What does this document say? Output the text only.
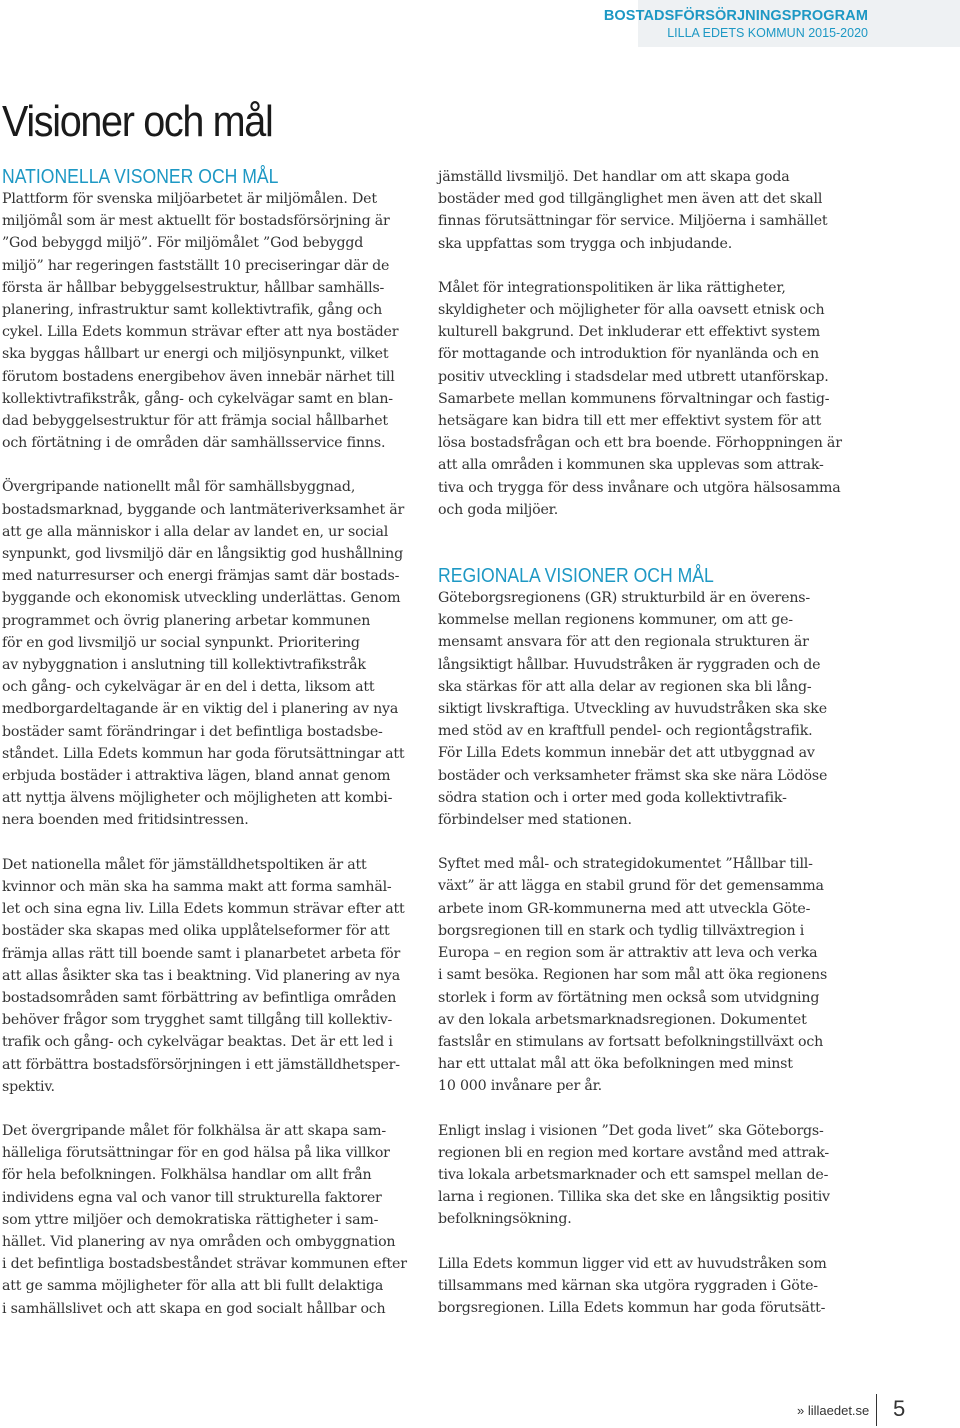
BOSTADSFÖRSÖRJNINGSPROGRAM
LILLA EDETS KOMMUN 2015-2020
Visioner och mål
NATIONELLA VISONER OCH MÅL

Plattform för svenska miljöarbetet är miljömålen. Det
miljömål som är mest aktuellt för bostadsförsörjning är
”God bebyggd miljö”. För miljömålet ”God bebyggd
miljö” har regeringen fastställt 10 preciseringar där de
första är hållbar bebyggelsestruktur, hållbar samhälls-
planering, infrastruktur samt kollektivtrafik, gång och
cykel. Lilla Edets kommun strävar efter att nya bostäder
ska byggas hållbart ur energi och miljösynpunkt, vilket
förutom bostadens energibehov även innebär närhet till
kollektivtrafikstråk, gång- och cykelvägar samt en blan-
dad bebyggelsestruktur för att främja social hållbarhet
och förtätning i de områden där samhällsservice finns.

Övergripande nationellt mål för samhällsbyggnad,
bostadsmarknad, byggande och lantmäteriverksamhet är
att ge alla människor i alla delar av landet en, ur social
synpunkt, god livsmiljö där en långsiktig god hushållning
med naturresurser och energi främjas samt där bostads-
byggande och ekonomisk utveckling underlättas. Genom
programmet och övrig planering arbetar kommunen
för en god livsmiljö ur social synpunkt. Prioritering
av nybyggnation i anslutning till kollektivtrafikstråk
och gång- och cykelvägar är en del i detta, liksom att
medborgardeltagande är en viktig del i planering av nya
bostäder samt förändringar i det befintliga bostadsbe-
ståndet. Lilla Edets kommun har goda förutsättningar att
erbjuda bostäder i attraktiva lägen, bland annat genom
att nyttja älvens möjligheter och möjligheten att kombi-
nera boenden med fritidsintressen.

Det nationella målet för jämställdhetspoltiken är att
kvinnor och män ska ha samma makt att forma samhäl-
let och sina egna liv. Lilla Edets kommun strävar efter att
bostäder ska skapas med olika upplåtelseformer för att
främja allas rätt till boende samt i planarbetet arbeta för
att allas åsikter ska tas i beaktning. Vid planering av nya
bostadsområden samt förbättring av befintliga områden
behöver frågor som trygghet samt tillgång till kollektiv-
trafik och gång- och cykelvägar beaktas. Det är ett led i
att förbättra bostadsförsörjningen i ett jämställdhetsper-
spektiv.

Det övergripande målet för folkhälsa är att skapa sam-
hälleliga förutsättningar för en god hälsa på lika villkor
för hela befolkningen. Folkhälsa handlar om allt från
individens egna val och vanor till strukturella faktorer
som yttre miljöer och demokratiska rättigheter i sam-
hället. Vid planering av nya områden och ombyggnation
i det befintliga bostadsbeståndet strävar kommunen efter
att ge samma möjligheter för alla att bli fullt delaktiga
i samhällslivet och att skapa en god socialt hållbar och

jämställd livsmiljö. Det handlar om att skapa goda
bostäder med god tillgänglighet men även att det skall
finnas förutsättningar för service. Miljöerna i samhället
ska uppfattas som trygga och inbjudande.

Målet för integrationspolitiken är lika rättigheter,
skyldigheter och möjligheter för alla oavsett etnisk och
kulturell bakgrund. Det inkluderar ett effektivt system
för mottagande och introduktion för nyanlända och en
positiv utveckling i stadsdelar med utbrett utanförskap.
Samarbete mellan kommunens förvaltningar och fastig-
hetsägare kan bidra till ett mer effektivt system för att
lösa bostadsfrågan och ett bra boende. Förhoppningen är
att alla områden i kommunen ska upplevas som attrak-
tiva och trygga för dess invånare och utgöra hälsosamma
och goda miljöer.

REGIONALA VISIONER OCH MÅL

Göteborgsregionens (GR) strukturbild är en överens-
kommelse mellan regionens kommuner, om att ge-
mensamt ansvara för att den regionala strukturen är
långsiktigt hållbar. Huvudstråken är ryggraden och de
ska stärkas för att alla delar av regionen ska bli lång-
siktigt livskraftiga. Utveckling av huvudstråken ska ske
med stöd av en kraftfull pendel- och regiontågstrafik.
För Lilla Edets kommun innebär det att utbyggnad av
bostäder och verksamheter främst ska ske nära Lödöse
södra station och i orter med goda kollektivtrafik-
förbindelser med stationen.

Syftet med mål- och strategidokumentet ”Hållbar till-
växt” är att lägga en stabil grund för det gemensamma
arbete inom GR-kommunerna med att utveckla Göte-
borgsregionen till en stark och tydlig tillväxtregion i
Europa – en region som är attraktiv att leva och verka
i samt besöka. Regionen har som mål att öka regionens
storlek i form av förtätning men också som utvidgning
av den lokala arbetsmarknadsregionen. Dokumentet
fastslår en stimulans av fortsatt befolkningstillväxt och
har ett uttalat mål att öka befolkningen med minst
10 000 invånare per år.

Enligt inslag i visionen ”Det goda livet” ska Göteborgs-
regionen bli en region med kortare avstånd med attrak-
tiva lokala arbetsmarknader och ett samspel mellan de-
larna i regionen. Tillika ska det ske en långsiktig positiv
befolkningsökning.

Lilla Edets kommun ligger vid ett av huvudstråken som
tillsammans med kärnan ska utgöra ryggraden i Göte-
borgsregionen. Lilla Edets kommun har goda förutsätt-

» lillaedet.se 5
